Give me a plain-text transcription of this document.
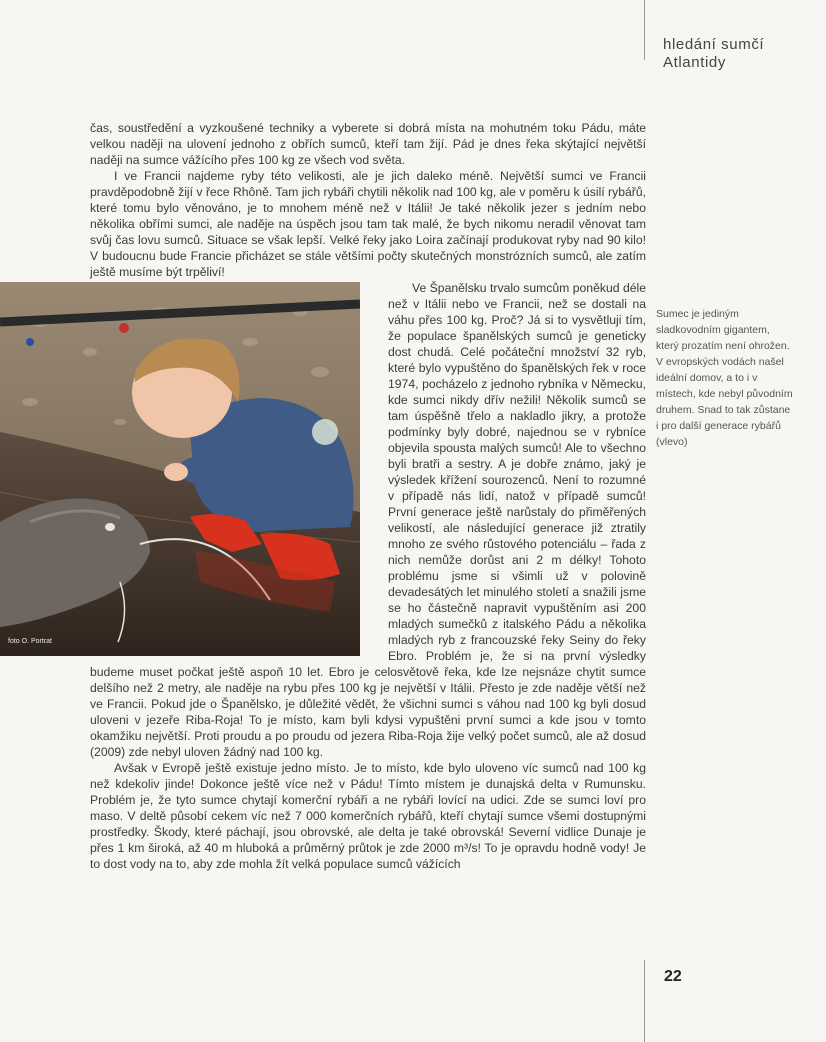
hledání sumčí
Atlantidy
Sumec je jediným sladkovodním gigantem, který prozatím není ohrožen. V evropských vodách našel ideální domov, a to i v místech, kde nebyl původním druhem. Snad to tak zůstane i pro další generace rybářů (vlevo)

čas, soustředění a vyzkoušené techniky a vyberete si dobrá místa na mohutném toku Pádu, máte velkou naději na ulovení jednoho z obřích sumců, kteří tam žijí. Pád je dnes řeka skýtající největší naději na sumce vážícího přes 100 kg ze všech vod světa.

I ve Francii najdeme ryby této velikosti, ale je jich daleko méně. Největší sumci ve Francii pravděpodobně žijí v řece Rhôně. Tam jich rybáři chytili několik nad 100 kg, ale v poměru k úsilí rybářů, které tomu bylo věnováno, je to mnohem méně než v Itálii! Je také několik jezer s jedním nebo několika obřími sumci, ale naděje na úspěch jsou tam tak malé, že bych nikomu neradil věnovat tam svůj čas lovu sumců. Situace se však lepší. Velké řeky jako Loira začínají produkovat ryby nad 90 kilo! V budoucnu bude Francie přicházet se stále většími počty skutečných monstrózních sumců, ale zatím ještě musíme být trpěliví!

foto O. Portrat

Ve Španělsku trvalo sumcům poněkud déle než v Itálii nebo ve Francii, než se dostali na váhu přes 100 kg. Proč? Já si to vysvětluji tím, že populace španělských sumců je geneticky dost chudá. Celé počáteční množství 32 ryb, které bylo vypuštěno do španělských řek v roce 1974, pocházelo z jednoho rybníka v Německu, kde sumci nikdy dřív nežili! Několik sumců se tam úspěšně třelo a nakladlo jikry, a protože podmínky byly dobré, najednou se v rybníce objevila spousta malých sumců! Ale to všechno byli bratři a sestry. A je dobře známo, jaký je výsledek křížení sourozenců. Není to rozumné v případě nás lidí, natož v případě sumců! První generace ještě narůstaly do přiměřených velikostí, ale následující generace již ztratily mnoho ze svého růstového potenciálu – řada z nich nemůže dorůst ani 2 m délky! Tohoto problému jsme si všimli už v polovině devadesátých let minulého století a snažili jsme se ho částečně napravit vypuštěním asi 200 mladých sumečků z italského Pádu a několika mladých ryb z francouzské řeky Seiny do řeky Ebro. Problém je, že si na první výsledky budeme muset počkat ještě aspoň 10 let. Ebro je celosvětově řeka, kde lze nejsnáze chytit sumce delšího než 2 metry, ale naděje na rybu přes 100 kg je největší v Itálii. Přesto je zde naděje větší než ve Francii. Pokud jde o Španělsko, je důležité vědět, že všichni sumci s váhou nad 100 kg byli dosud uloveni v jezeře Riba-Roja! To je místo, kam byli kdysi vypuštěni první sumci a kde jsou v tomto okamžiku největší. Proti proudu a po proudu od jezera Riba-Roja žije velký počet sumců, ale až dosud (2009) zde nebyl uloven žádný nad 100 kg.

Avšak v Evropě ještě existuje jedno místo. Je to místo, kde bylo uloveno víc sumců nad 100 kg než kdekoliv jinde! Dokonce ještě více než v Pádu! Tímto místem je dunajská delta v Rumunsku. Problém je, že tyto sumce chytají komerční rybáři a ne rybáři lovící na udici. Zde se sumci loví pro maso. V deltě působí cekem víc než 7 000 komerčních rybářů, kteří chytají sumce všemi dostupnými prostředky. Škody, které páchají, jsou obrovské, ale delta je také obrovská! Severní vidlice Dunaje je přes 1 km široká, až 40 m hluboká a průměrný průtok je zde 2000 m³/s! To je opravdu hodně vody! Je to dost vody na to, aby zde mohla žít velká populace sumců vážících

22
